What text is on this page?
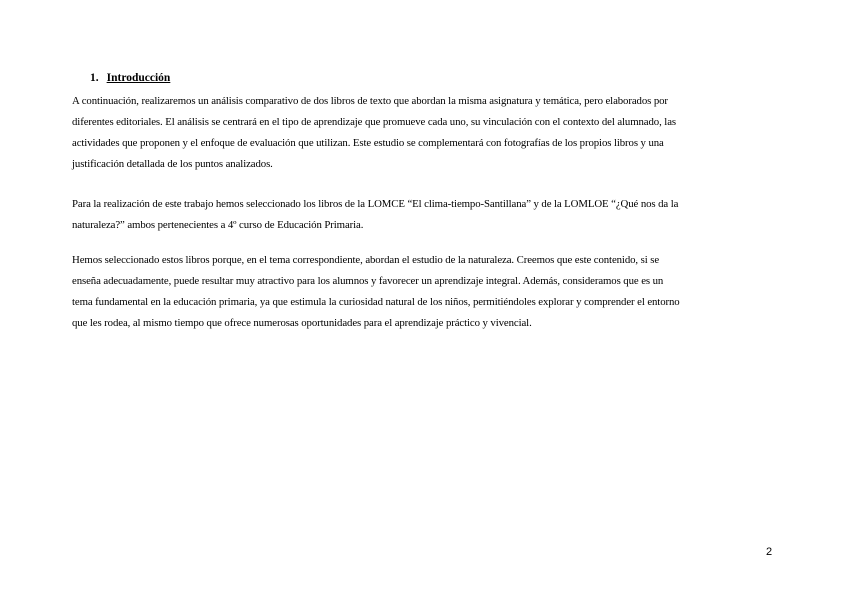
1. Introducción

A continuación, realizaremos un análisis comparativo de dos libros de texto que abordan la misma asignatura y temática, pero elaborados por
diferentes editoriales. El análisis se centrará en el tipo de aprendizaje que promueve cada uno, su vinculación con el contexto del alumnado, las
actividades que proponen y el enfoque de evaluación que utilizan. Este estudio se complementará con fotografías de los propios libros y una
justificación detallada de los puntos analizados.

Para la realización de este trabajo hemos seleccionado los libros de la LOMCE “El clima-tiempo-Santillana” y de la LOMLOE “¿Qué nos da la
naturaleza?” ambos pertenecientes a 4º curso de Educación Primaria.

Hemos seleccionado estos libros porque, en el tema correspondiente, abordan el estudio de la naturaleza. Creemos que este contenido, si se
enseña adecuadamente, puede resultar muy atractivo para los alumnos y favorecer un aprendizaje integral. Además, consideramos que es un
tema fundamental en la educación primaria, ya que estimula la curiosidad natural de los niños, permitiéndoles explorar y comprender el entorno
que les rodea, al mismo tiempo que ofrece numerosas oportunidades para el aprendizaje práctico y vivencial.

2
